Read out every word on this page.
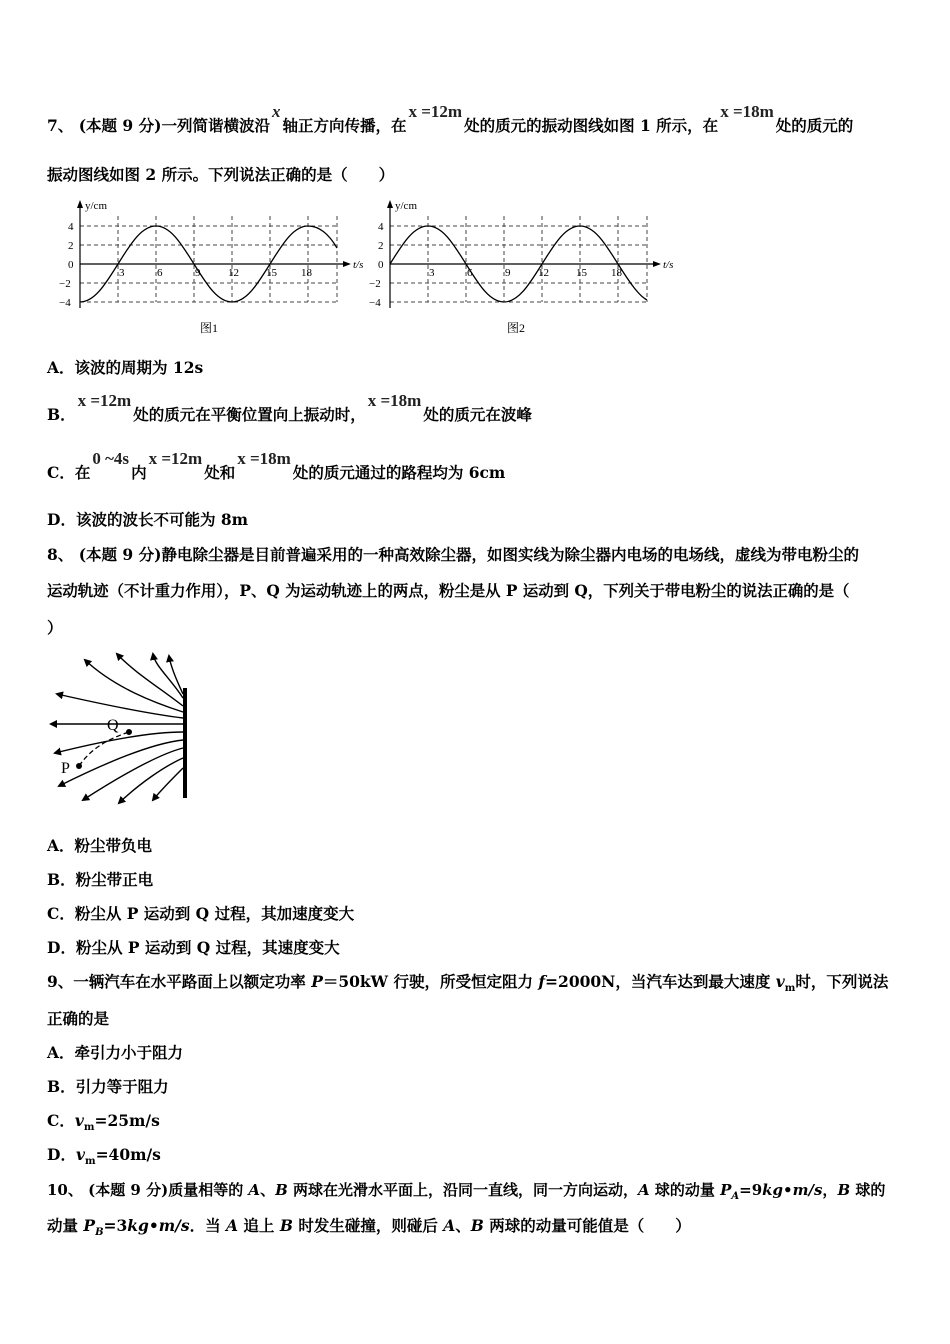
7、 (本题 9 分)一列简谐横波沿x轴正方向传播，在x =12m处的质元的振动图线如图 1 所示，在x =18m处的质元的
振动图线如图 2 所示。下列说法正确的是（　　）
y/cm
t/s
4
2
0
−2
−4
3	6	9	12 15 18
图1
y/cm
t/s
4
2
0
−2
−4
3	6	9	12 15 18
图2
A．该波的周期为 12s
B．x =12m处的质元在平衡位置向上振动时，x =18m处的质元在波峰
C．在0 ~4s内x =12m处和x =18m处的质元通过的路程均为 6cm
D．该波的波长不可能为 8m
8、 (本题 9 分)静电除尘器是目前普遍采用的一种高效除尘器，如图实线为除尘器内电场的电场线，虚线为带电粉尘的
运动轨迹（不计重力作用），P、Q 为运动轨迹上的两点，粉尘是从 P 运动到 Q，下列关于带电粉尘的说法正确的是（
）
P
Q
A．粉尘带负电
B．粉尘带正电
C．粉尘从 P 运动到 Q 过程，其加速度变大
D．粉尘从 P 运动到 Q 过程，其速度变大
9、一辆汽车在水平路面上以额定功率 P＝50kW 行驶，所受恒定阻力 f=2000N，当汽车达到最大速度 $v_m$时，下列说法
正确的是
A．牵引力小于阻力
B．引力等于阻力
C．$v_m=25m/s$
D．$v_m=40m/s$
10、 (本题 9 分)质量相等的 A、B 两球在光滑水平面上，沿同一直线，同一方向运动，A 球的动量 $P_A=9kg•m/s$，B 球的
动量 $P_B=3kg•m/s$．当 A 追上 B 时发生碰撞，则碰后 A、B 两球的动量可能值是（　　）
